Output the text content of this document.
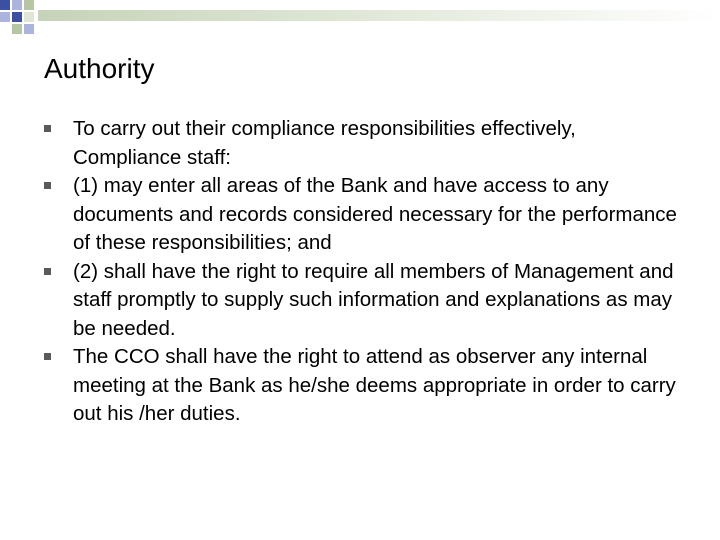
Authority
To carry out their compliance responsibilities effectively, Compliance staff:
(1) may enter all areas of the Bank and have access to any documents and records considered necessary for the performance of these responsibilities; and
(2) shall have the right to require all members of Management and staff promptly to supply such information and explanations as may be needed.
The CCO shall have the right to attend as observer any internal meeting at the Bank as he/she deems appropriate in order to carry out his /her duties.
